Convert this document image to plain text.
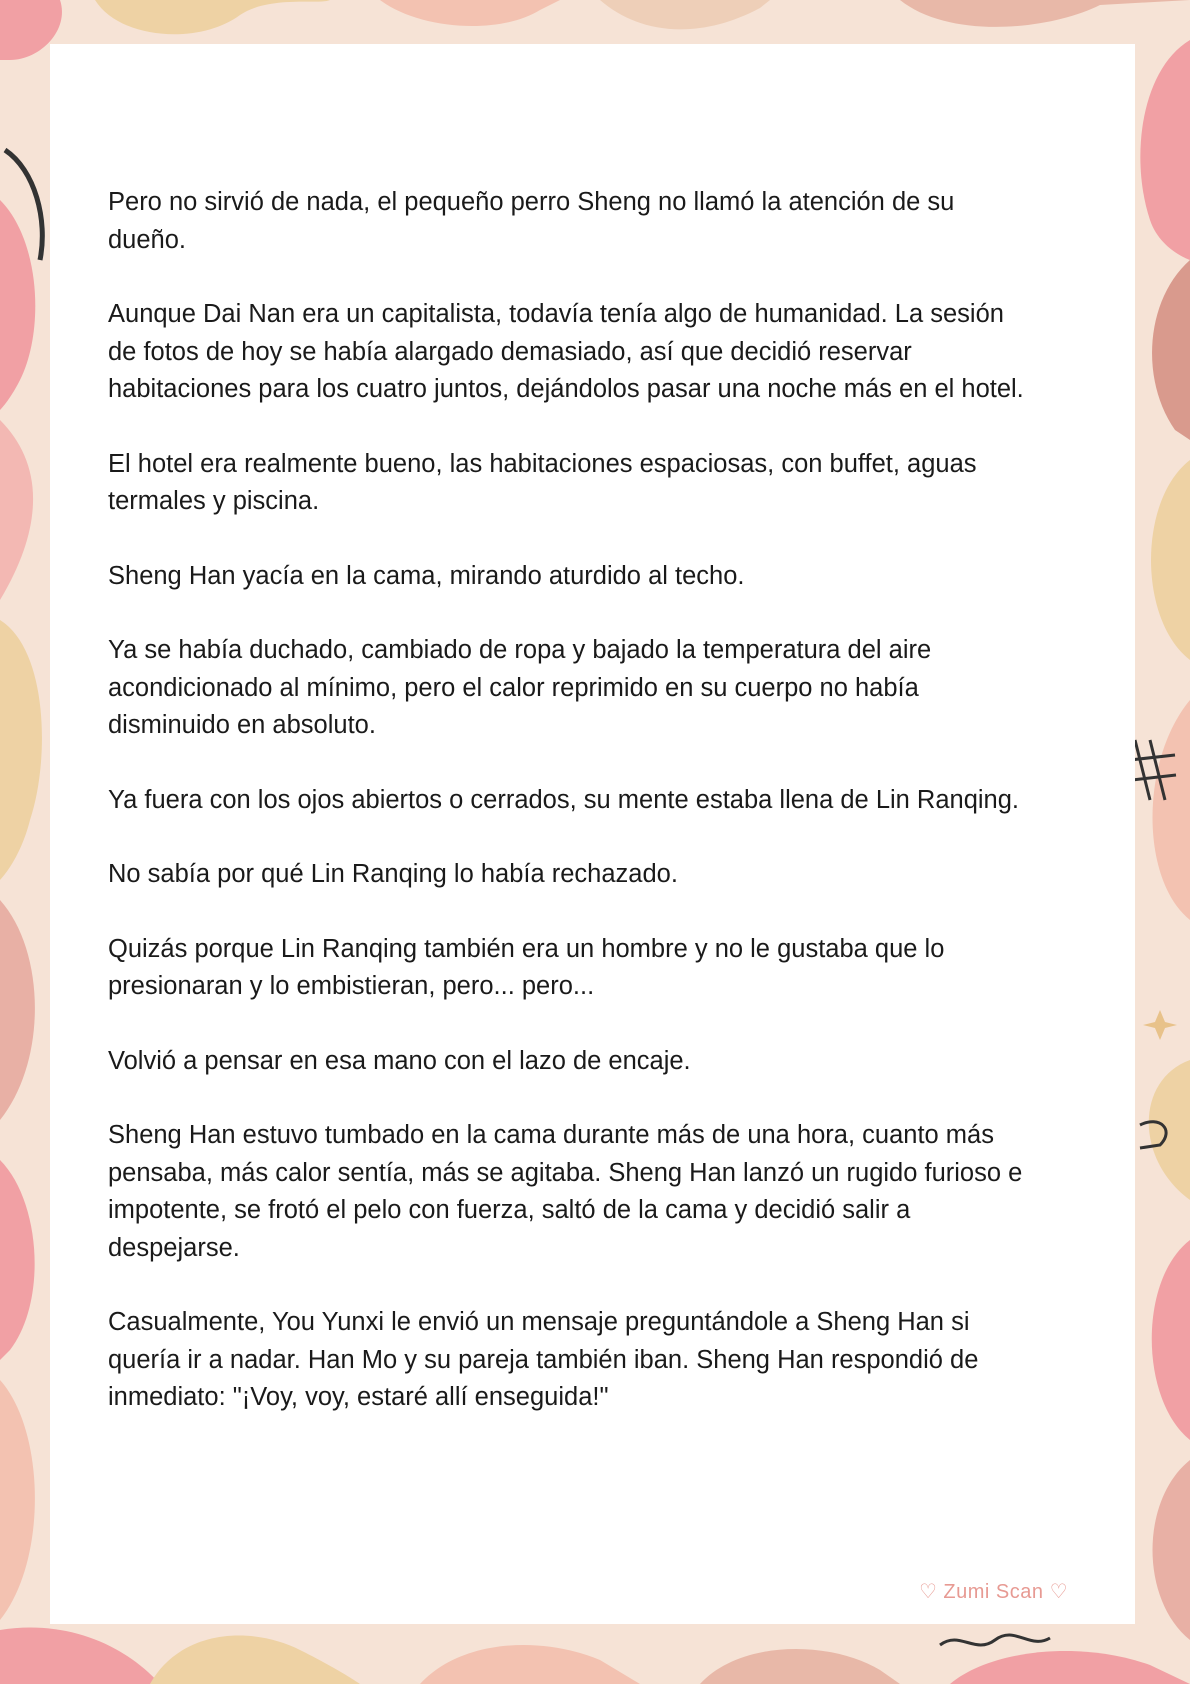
Pero no sirvió de nada, el pequeño perro Sheng no llamó la atención de su dueño.

Aunque Dai Nan era un capitalista, todavía tenía algo de humanidad. La sesión de fotos de hoy se había alargado demasiado, así que decidió reservar habitaciones para los cuatro juntos, dejándolos pasar una noche más en el hotel.

El hotel era realmente bueno, las habitaciones espaciosas, con buffet, aguas termales y piscina.

Sheng Han yacía en la cama, mirando aturdido al techo.

Ya se había duchado, cambiado de ropa y bajado la temperatura del aire acondicionado al mínimo, pero el calor reprimido en su cuerpo no había disminuido en absoluto.

Ya fuera con los ojos abiertos o cerrados, su mente estaba llena de Lin Ranqing.

No sabía por qué Lin Ranqing lo había rechazado.

Quizás porque Lin Ranqing también era un hombre y no le gustaba que lo presionaran y lo embistieran, pero... pero...

Volvió a pensar en esa mano con el lazo de encaje.

Sheng Han estuvo tumbado en la cama durante más de una hora, cuanto más pensaba, más calor sentía, más se agitaba. Sheng Han lanzó un rugido furioso e impotente, se frotó el pelo con fuerza, saltó de la cama y decidió salir a despejarse.

Casualmente, You Yunxi le envió un mensaje preguntándole a Sheng Han si quería ir a nadar. Han Mo y su pareja también iban. Sheng Han respondió de inmediato: "¡Voy, voy, estaré allí enseguida!"

♡ Zumi Scan ♡
